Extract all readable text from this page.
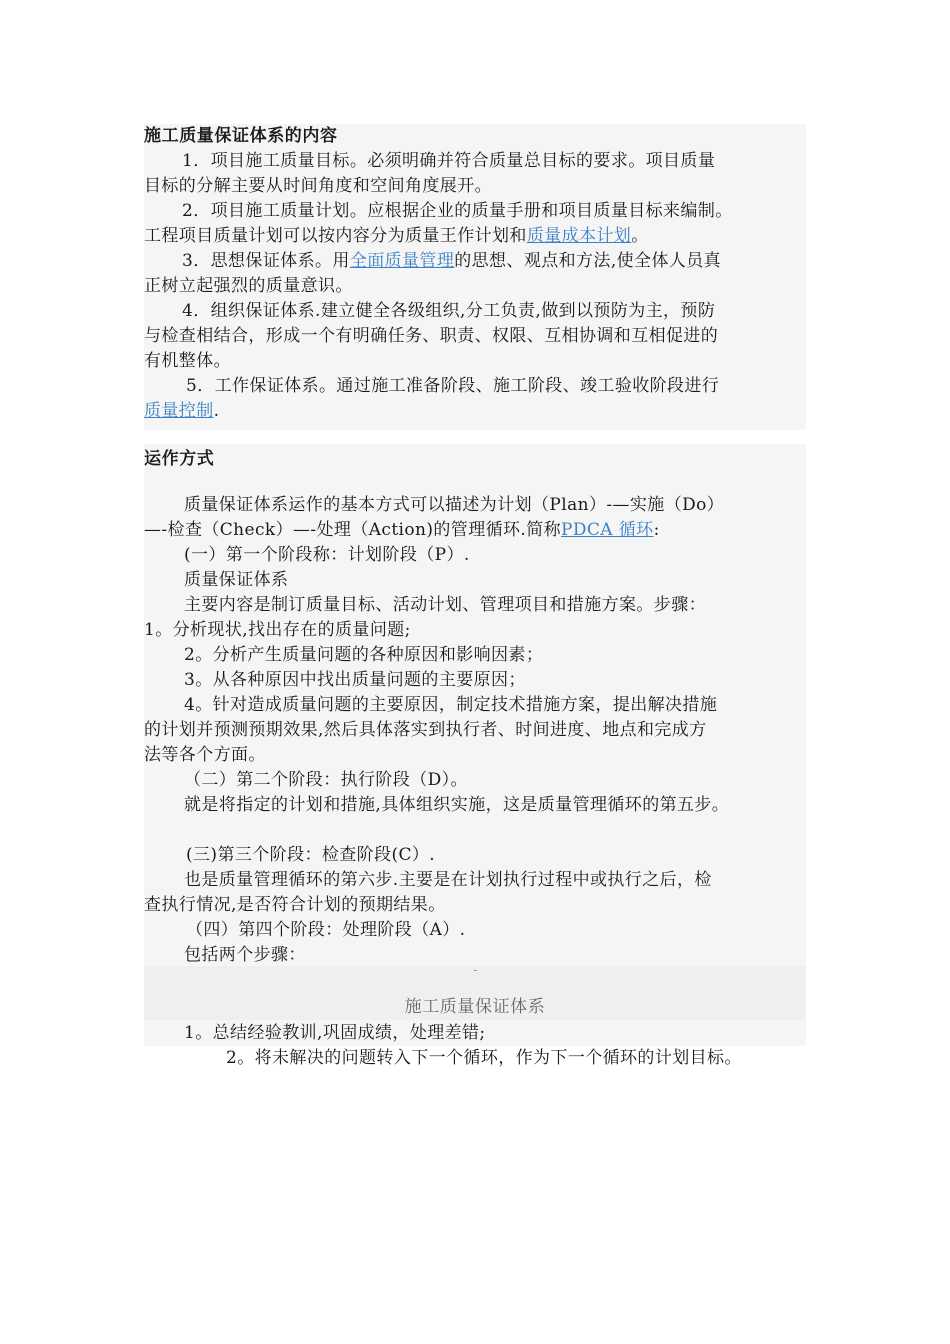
施工质量保证体系的内容
1．项目施工质量目标。必须明确并符合质量总目标的要求。项目质量
目标的分解主要从时间角度和空间角度展开。
2．项目施工质量计划。应根据企业的质量手册和项目质量目标来编制。
工程项目质量计划可以按内容分为质量王作计划和质量成本计划。
3．思想保证体系。用全面质量管理的思想、观点和方法,使全体人员真
正树立起强烈的质量意识。
4．组织保证体系.建立健全各级组织,分工负责,做到以预防为主，预防
与检查相结合，形成一个有明确任务、职责、权限、互相协调和互相促进的
有机整体。
5．工作保证体系。通过施工准备阶段、施工阶段、竣工验收阶段进行
质量控制.
运作方式
质量保证体系运作的基本方式可以描述为计划（Plan）-—实施（Do）
—-检查（Check）—-处理（Action)的管理循环.简称PDCA 循环:
(一）第一个阶段称：计划阶段（P）.
质量保证体系
主要内容是制订质量目标、活动计划、管理项目和措施方案。步骤：
1。分析现状,找出存在的质量问题;
2。分析产生质量问题的各种原因和影响因素；
3。从各种原因中找出质量问题的主要原因；
4。针对造成质量问题的主要原因，制定技术措施方案，提出解决措施
的计划并预测预期效果,然后具体落实到执行者、时间进度、地点和完成方
法等各个方面。
（二）第二个阶段：执行阶段（D）。
就是将指定的计划和措施,具体组织实施，这是质量管理循环的第五步。
(三)第三个阶段：检查阶段(C）.
也是质量管理循环的第六步.主要是在计划执行过程中或执行之后，检
查执行情况,是否符合计划的预期结果。
（四）第四个阶段：处理阶段（A）.
包括两个步骤：
施工质量保证体系
1。总结经验教训,巩固成绩，处理差错;
2。将未解决的问题转入下一个循环，作为下一个循环的计划目标。
